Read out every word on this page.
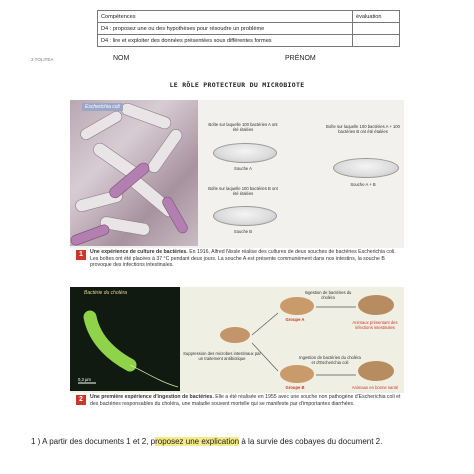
Compétences	évaluation
D4 : proposez une ou des hypothèses pour résoudre un problème	
D4 : lire et exploiter des données présentées sous différentes formes	
3 TOLITEA	NOM	PRÉNOM
LE RÔLE PROTECTEUR DU MICROBIOTE
Escherichia coli
Boîte sur laquelle 100 bactéries A ont été étalées
Souche A
Boîte sur laquelle 100 bactéries B ont été étalées
Souche B
Boîte sur laquelle 100 bactéries A + 100 bactéries B ont été étalées
Souche A + B
1	Une expérience de culture de bactéries. En 1916, Alfred Nissle réalise des cultures de deux souches de bactéries Escherichia coli. Les boîtes ont été placées à 37 °C pendant deux jours. La souche A est présente communément dans nos intestins, la souche B provoque des infections intestinales.
Bactérie du choléra
0,3 µm
Ingestion de bactéries du choléra
Groupe A
Animaux présentant des infections intestinales
Suppression des microbes intestinaux par un traitement antibiotique	Ingestion de bactéries du choléra et d'Escherichia coli
Groupe B	Animaux en bonne santé
2	Une première expérience d'ingestion de bactéries. Elle a été réalisée en 1955 avec une souche non pathogène d'Escherichia coli et des bactéries responsables du choléra, une maladie souvent mortelle qui se manifeste par d'importantes diarrhées.
1 ) A partir des documents 1 et 2, proposez une explication à la survie des cobayes du document 2.
